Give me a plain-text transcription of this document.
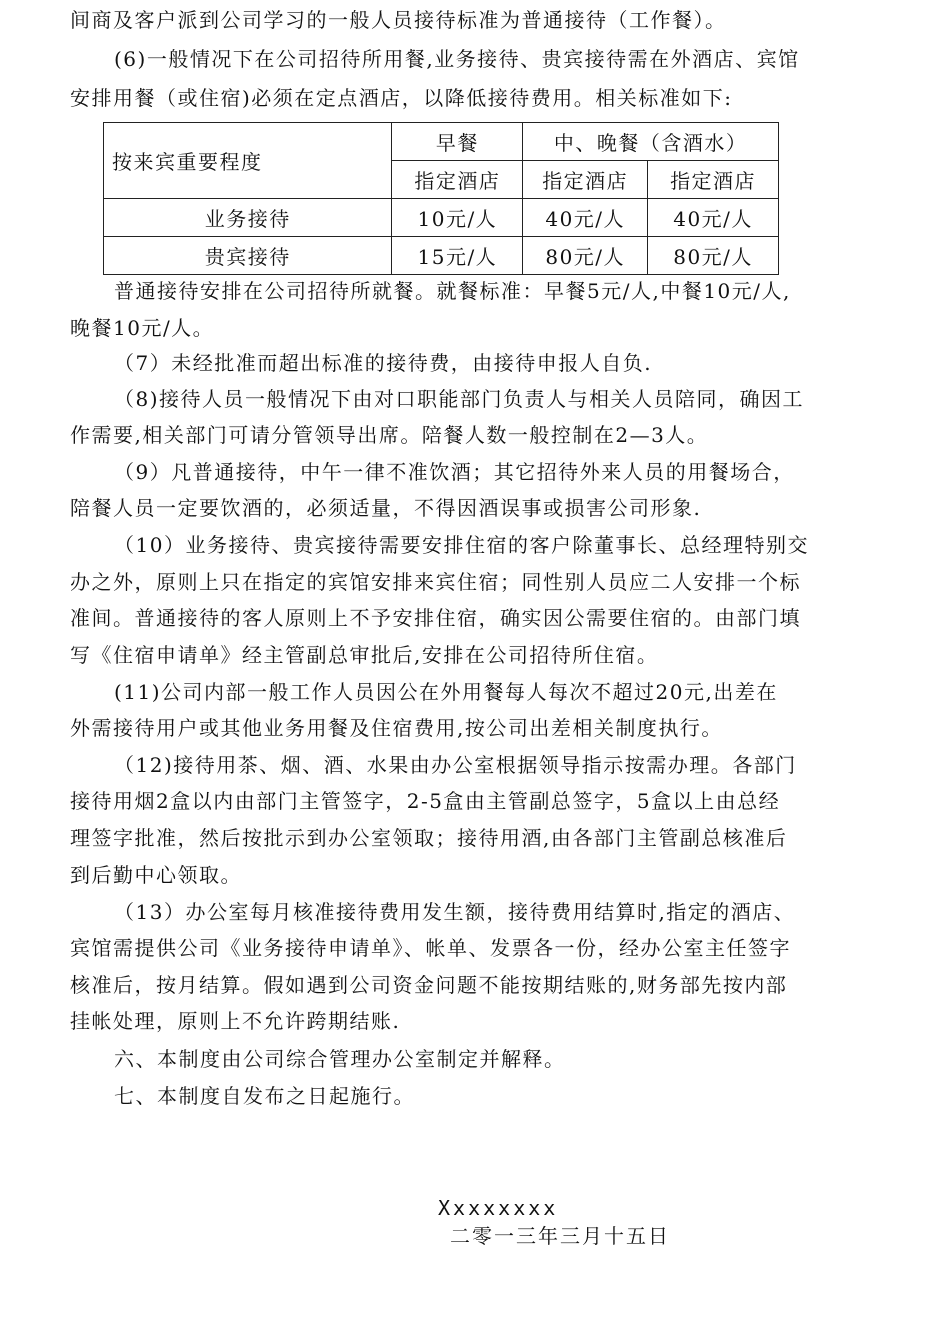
间商及客户派到公司学习的一般人员接待标准为普通接待（工作餐）。
(6)一般情况下在公司招待所用餐,业务接待、贵宾接待需在外酒店、宾馆
安排用餐（或住宿)必须在定点酒店，以降低接待费用。相关标准如下:
按来宾重要程度	早餐	中、晚餐（含酒水）	
	指定酒店	指定酒店	指定酒店
业务接待	10元/人	40元/人	40元/人
贵宾接待	15元/人	80元/人	80元/人
普通接待安排在公司招待所就餐。就餐标准：早餐5元/人,中餐10元/人,
晚餐10元/人。
（7）未经批准而超出标准的接待费，由接待申报人自负.
（8)接待人员一般情况下由对口职能部门负责人与相关人员陪同，确因工
作需要,相关部门可请分管领导出席。陪餐人数一般控制在2—3人。
（9）凡普通接待，中午一律不准饮酒；其它招待外来人员的用餐场合，
陪餐人员一定要饮酒的，必须适量，不得因酒误事或损害公司形象.
（10）业务接待、贵宾接待需要安排住宿的客户除董事长、总经理特别交
办之外，原则上只在指定的宾馆安排来宾住宿；同性别人员应二人安排一个标
准间。普通接待的客人原则上不予安排住宿，确实因公需要住宿的。由部门填
写《住宿申请单》经主管副总审批后,安排在公司招待所住宿。
(11)公司内部一般工作人员因公在外用餐每人每次不超过20元,出差在
外需接待用户或其他业务用餐及住宿费用,按公司出差相关制度执行。
（12)接待用茶、烟、酒、水果由办公室根据领导指示按需办理。各部门
接待用烟2盒以内由部门主管签字，2-5盒由主管副总签字，5盒以上由总经
理签字批准，然后按批示到办公室领取；接待用酒,由各部门主管副总核准后
到后勤中心领取。
（13）办公室每月核准接待费用发生额，接待费用结算时,指定的酒店、
宾馆需提供公司《业务接待申请单》、帐单、发票各一份，经办公室主任签字
核准后，按月结算。假如遇到公司资金问题不能按期结账的,财务部先按内部
挂帐处理，原则上不允许跨期结账.
六、本制度由公司综合管理办公室制定并解释。
七、本制度自发布之日起施行。
Xxxxxxxx
二零一三年三月十五日
